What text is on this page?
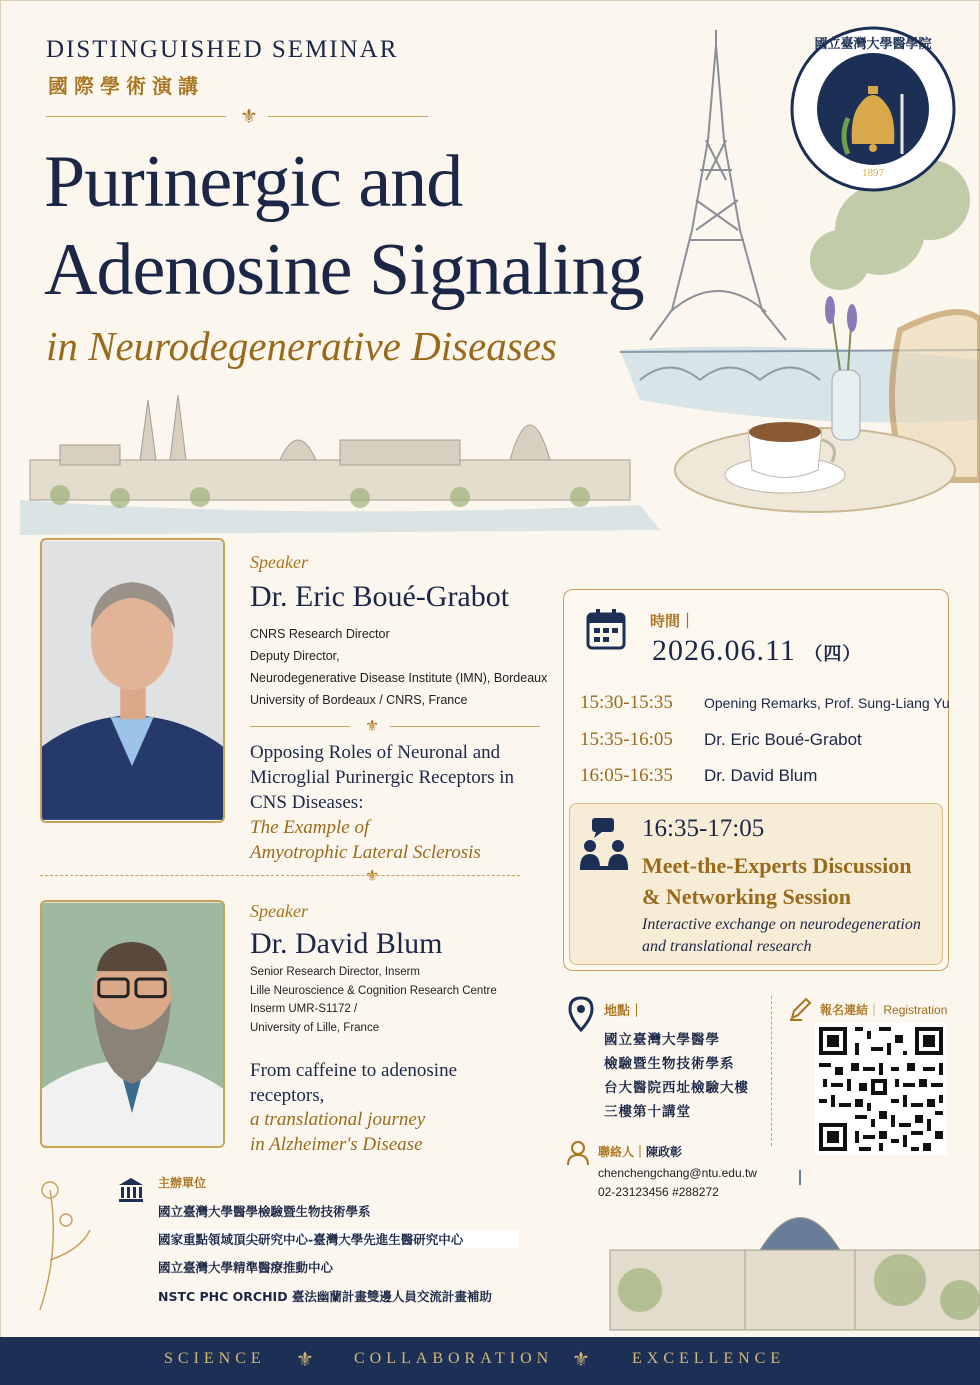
DISTINGUISHED SEMINAR
國際學術演講
⚜
Purinergic and
Adenosine Signaling
in Neurodegenerative Diseases
1897
國立臺灣大學醫學院
Speaker
Dr. Eric Boué-Grabot
CNRS Research Director
Deputy Director,
Neurodegenerative Disease Institute (IMN), Bordeaux
University of Bordeaux / CNRS, France
⚜
Opposing Roles of Neuronal and
Microglial Purinergic Receptors in
CNS Diseases:
The Example of
Amyotrophic Lateral Sclerosis
⚜
Speaker
Dr. David Blum
Senior Research Director, Inserm
Lille Neuroscience & Cognition Research Centre
Inserm UMR-S1172 /
University of Lille, France
From caffeine to adenosine
receptors,
a translational journey
in Alzheimer's Disease
時間｜
2026.06.11 （四）
15:30-15:35 Opening Remarks, Prof. Sung-Liang Yu
15:35-16:05 Dr. Eric Boué-Grabot
16:05-16:35 Dr. David Blum
16:35-17:05
Meet-the-Experts Discussion
& Networking Session
Interactive exchange on neurodegeneration
and translational research
地點｜
國立臺灣大學醫學
檢驗暨生物技術學系
台大醫院西址檢驗大樓
三樓第十講堂
報名連結｜ Registration
聯絡人｜陳政彰
chenchengchang@ntu.edu.tw
02-23123456 #288272
主辦單位
國立臺灣大學醫學檢驗暨生物技術學系
國家重點領域頂尖研究中心-臺灣大學先進生醫研究中心
國立臺灣大學精準醫療推動中心
NSTC PHC ORCHID 臺法幽蘭計畫雙邊人員交流計畫補助
SCIENCE ⚜	COLLABORATION ⚜	EXCELLENCE
